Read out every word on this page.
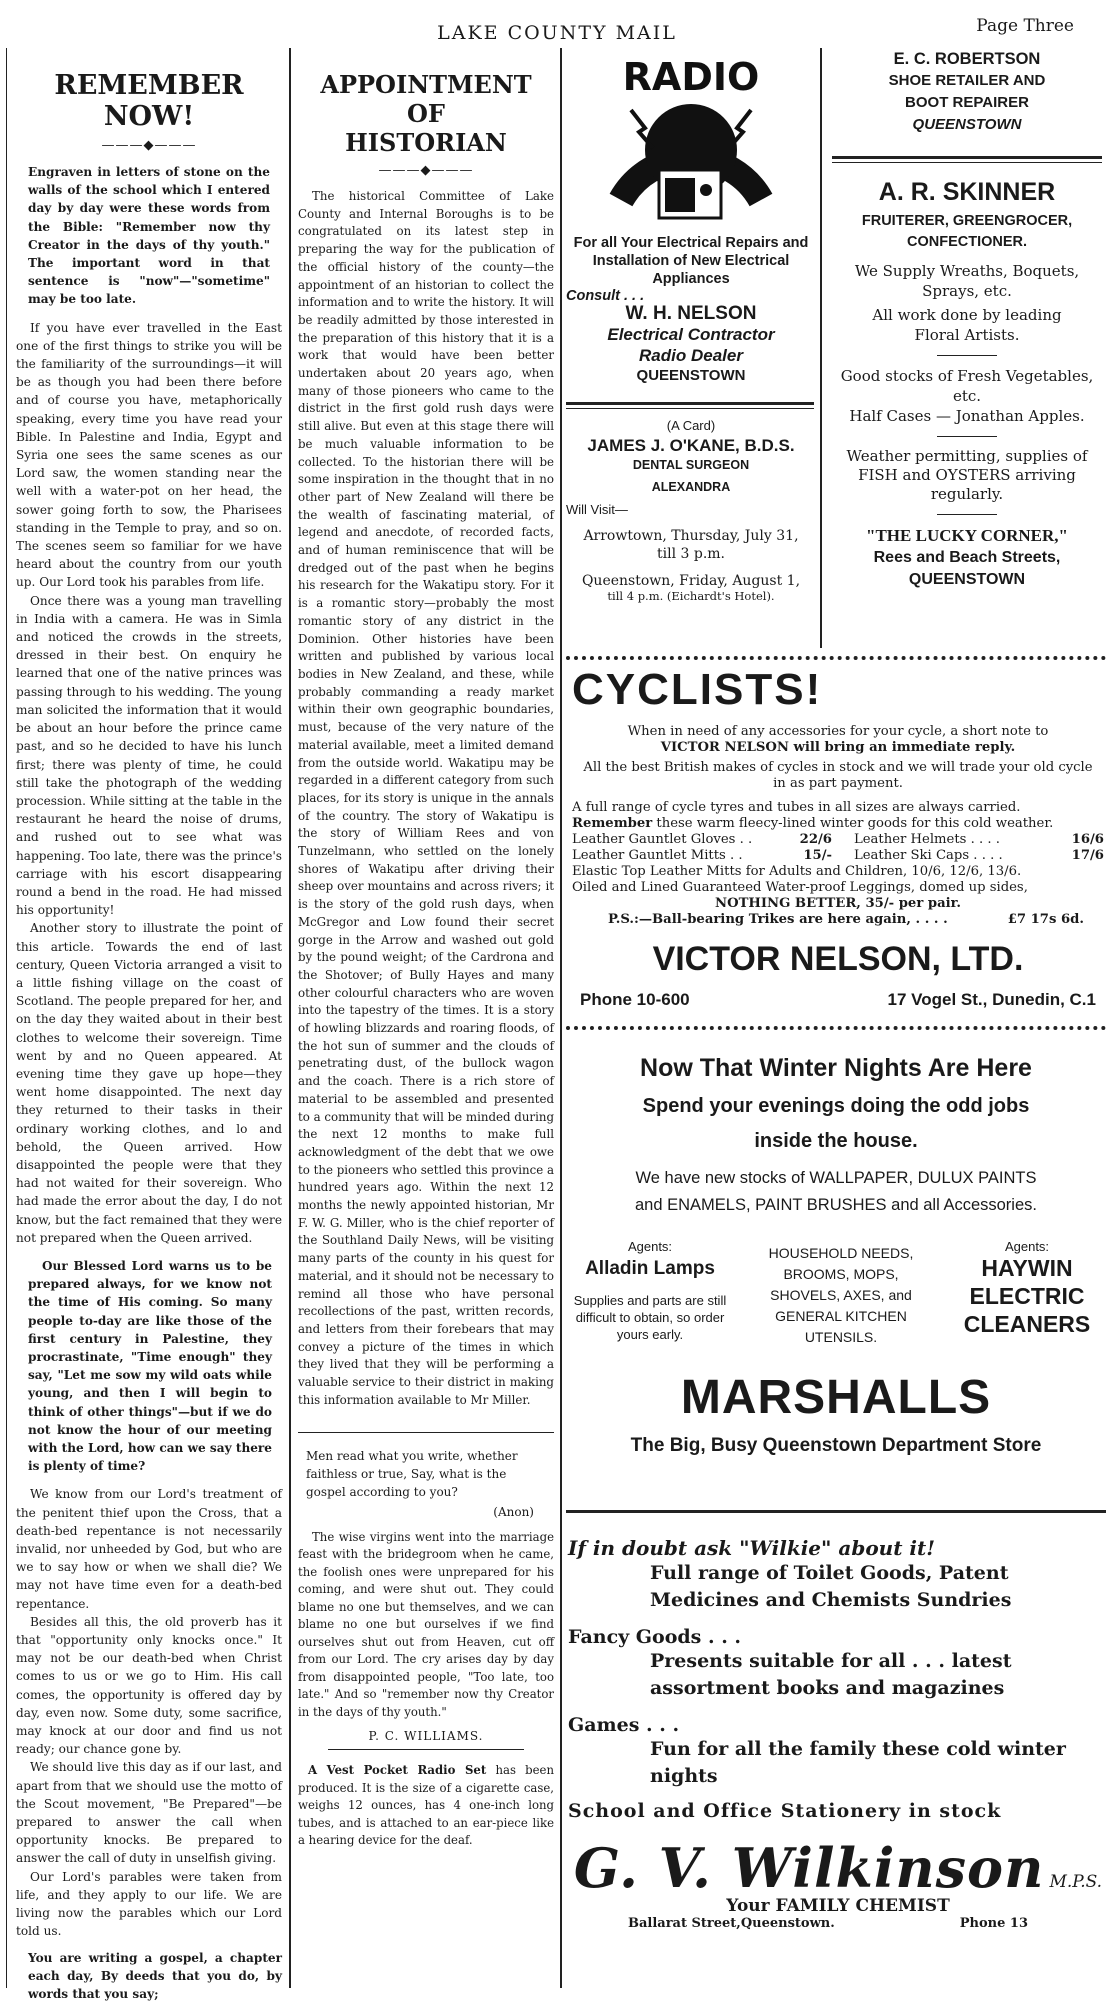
LAKE COUNTY MAIL	Page Three
REMEMBER NOW!
———◆———
Engraven in letters of stone on the walls of the school which I entered day by day were these words from the Bible: "Remember now thy Creator in the days of thy youth." The important word in that sentence is "now"—"sometime" may be too late.

If you have ever travelled in the East one of the first things to strike you will be the familiarity of the surroundings—it will be as though you had been there before and of course you have, metaphorically speaking, every time you have read your Bible. In Palestine and India, Egypt and Syria one sees the same scenes as our Lord saw, the women standing near the well with a water-pot on her head, the sower going forth to sow, the Pharisees standing in the Temple to pray, and so on. The scenes seem so familiar for we have heard about the country from our youth up. Our Lord took his parables from life.

Once there was a young man travelling in India with a camera. He was in Simla and noticed the crowds in the streets, dressed in their best. On enquiry he learned that one of the native princes was passing through to his wedding. The young man solicited the information that it would be about an hour before the prince came past, and so he decided to have his lunch first; there was plenty of time, he could still take the photograph of the wedding procession. While sitting at the table in the restaurant he heard the noise of drums, and rushed out to see what was happening. Too late, there was the prince's carriage with his escort disappearing round a bend in the road. He had missed his opportunity!

Another story to illustrate the point of this article. Towards the end of last century, Queen Victoria arranged a visit to a little fishing village on the coast of Scotland. The people prepared for her, and on the day they waited about in their best clothes to welcome their sovereign. Time went by and no Queen appeared. At evening time they gave up hope—they went home disappointed. The next day they returned to their tasks in their ordinary working clothes, and lo and behold, the Queen arrived. How disappointed the people were that they had not waited for their sovereign. Who had made the error about the day, I do not know, but the fact remained that they were not prepared when the Queen arrived.

Our Blessed Lord warns us to be prepared always, for we know not the time of His coming. So many people to-day are like those of the first century in Palestine, they procrastinate, "Time enough" they say, "Let me sow my wild oats while young, and then I will begin to think of other things"—but if we do not know the hour of our meeting with the Lord, how can we say there is plenty of time?

We know from our Lord's treatment of the penitent thief upon the Cross, that a death-bed repentance is not necessarily invalid, nor unheeded by God, but who are we to say how or when we shall die? We may not have time even for a death-bed repentance.

Besides all this, the old proverb has it that "opportunity only knocks once." It may not be our death-bed when Christ comes to us or we go to Him. His call comes, the opportunity is offered day by day, even now. Some duty, some sacrifice, may knock at our door and find us not ready; our chance gone by.

We should live this day as if our last, and apart from that we should use the motto of the Scout movement, "Be Prepared"—be prepared to answer the call when opportunity knocks. Be prepared to answer the call of duty in unselfish giving.

Our Lord's parables were taken from life, and they apply to our life. We are living now the parables which our Lord told us.

You are writing a gospel, a chapter each day, By deeds that you do, by words that you say;
APPOINTMENT OF
HISTORIAN
———◆———

The historical Committee of Lake County and Internal Boroughs is to be congratulated on its latest step in preparing the way for the publication of the official history of the county—the appointment of an historian to collect the information and to write the history. It will be readily admitted by those interested in the preparation of this history that it is a work that would have been better undertaken about 20 years ago, when many of those pioneers who came to the district in the first gold rush days were still alive. But even at this stage there will be much valuable information to be collected. To the historian there will be some inspiration in the thought that in no other part of New Zealand will there be the wealth of fascinating material, of legend and anecdote, of recorded facts, and of human reminiscence that will be dredged out of the past when he begins his research for the Wakatipu story. For it is a romantic story—probably the most romantic story of any district in the Dominion. Other histories have been written and published by various local bodies in New Zealand, and these, while probably commanding a ready market within their own geographic boundaries, must, because of the very nature of the material available, meet a limited demand from the outside world. Wakatipu may be regarded in a different category from such places, for its story is unique in the annals of the country. The story of Wakatipu is the story of William Rees and von Tunzelmann, who settled on the lonely shores of Wakatipu after driving their sheep over mountains and across rivers; it is the story of the gold rush days, when McGregor and Low found their secret gorge in the Arrow and washed out gold by the pound weight; of the Cardrona and the Shotover; of Bully Hayes and many other colourful characters who are woven into the tapestry of the times. It is a story of howling blizzards and roaring floods, of the hot sun of summer and the clouds of penetrating dust, of the bullock wagon and the coach. There is a rich store of material to be assembled and presented to a community that will be minded during the next 12 months to make full acknowledgment of the debt that we owe to the pioneers who settled this province a hundred years ago. Within the next 12 months the newly appointed historian, Mr F. W. G. Miller, who is the chief reporter of the Southland Daily News, will be visiting many parts of the county in his quest for material, and it should not be necessary to remind all those who have personal recollections of the past, written records, and letters from their forebears that may convey a picture of the times in which they lived that they will be performing a valuable service to their district in making this information available to Mr Miller.

Men read what you write, whether faithless or true, Say, what is the gospel according to you?
(Anon)

The wise virgins went into the marriage feast with the bridegroom when he came, the foolish ones were unprepared for his coming, and were shut out. They could blame no one but themselves, and we can blame no one but ourselves if we find ourselves shut out from Heaven, cut off from our Lord. The cry arises day by day from disappointed people, "Too late, too late." And so "remember now thy Creator in the days of thy youth."

P. C. WILLIAMS.
A Vest Pocket Radio Set has been produced. It is the size of a cigarette case, weighs 12 ounces, has 4 one-inch long tubes, and is attached to an ear-piece like a hearing device for the deaf.
RADIO
For all Your Electrical Repairs and Installation of New Electrical Appliances
Consult . . .
W. H. NELSON
Electrical Contractor
Radio Dealer
QUEENSTOWN
(A Card)
JAMES J. O'KANE, B.D.S.
DENTAL SURGEON
ALEXANDRA
Will Visit—
Arrowtown, Thursday, July 31, till 3 p.m.
Queenstown, Friday, August 1,
till 4 p.m. (Eichardt's Hotel).
E. C. ROBERTSON
SHOE RETAILER AND
BOOT REPAIRER
QUEENSTOWN
A. R. SKINNER
FRUITERER, GREENGROCER, CONFECTIONER.
We Supply Wreaths, Boquets, Sprays, etc.
All work done by leading Floral Artists.
Good stocks of Fresh Vegetables, etc.
Half Cases — Jonathan Apples.
Weather permitting, supplies of FISH and OYSTERS arriving regularly.
"THE LUCKY CORNER,"
Rees and Beach Streets,
QUEENSTOWN
CYCLISTS!
When in need of any accessories for your cycle, a short note to
VICTOR NELSON will bring an immediate reply.
All the best British makes of cycles in stock and we will trade your old cycle in as part payment.
A full range of cycle tyres and tubes in all sizes are always carried.
Remember these warm fleecy-lined winter goods for this cold weather.
Leather Gauntlet Gloves . .	22/6 Leather Helmets . . . .	16/6
Leather Gauntlet Mitts . .	15/- Leather Ski Caps . . . .	17/6
Elastic Top Leather Mitts for Adults and Children, 10/6, 12/6, 13/6.
Oiled and Lined Guaranteed Water-proof Leggings, domed up sides,
NOTHING BETTER, 35/- per pair.
P.S.:—Ball-bearing Trikes are here again, . . . .	£7 17s 6d.
VICTOR NELSON, LTD.
Phone 10-600	17 Vogel St., Dunedin, C.1
Now That Winter Nights Are Here
Spend your evenings doing the odd jobs
inside the house.
We have new stocks of WALLPAPER, DULUX PAINTS
and ENAMELS, PAINT BRUSHES and all Accessories.
Agents:
Alladin Lamps
Supplies and parts are still difficult to obtain, so order yours early.
HOUSEHOLD NEEDS, BROOMS, MOPS, SHOVELS, AXES, and GENERAL KITCHEN UTENSILS.
Agents:
HAYWIN
ELECTRIC
CLEANERS
MARSHALLS
The Big, Busy Queenstown Department Store
If in doubt ask "Wilkie" about it!
Full range of Toilet Goods, Patent Medicines and Chemists Sundries
Fancy Goods . . .
Presents suitable for all . . . latest assortment books and magazines
Games . . .
Fun for all the family these cold winter nights
School and Office Stationery in stock
G. V. Wilkinson M.P.S.
Your FAMILY CHEMIST
Ballarat Street,Queenstown.	Phone 13
